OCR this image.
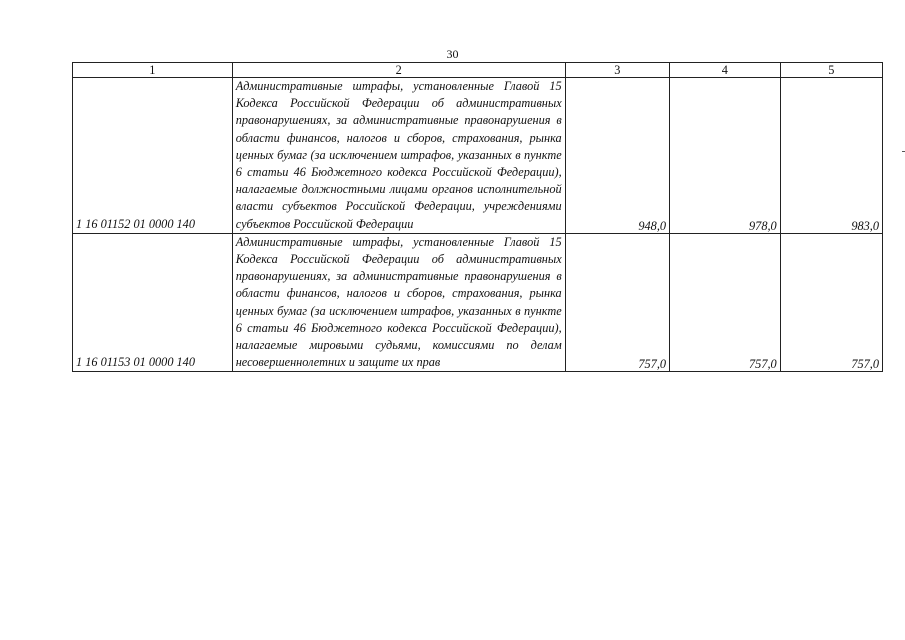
30
1	2	3	4	5
1 16 01152 01 0000 140	Административные штрафы, установленные Главой 15 Кодекса Российской Федерации об административных правонарушениях, за административные правонарушения в области финансов, налогов и сборов, страхования, рынка ценных бумаг (за исключением штрафов, указанных в пункте 6 статьи 46 Бюджетного кодекса Российской Федерации), налагаемые должностными лицами органов исполнительной власти субъектов Российской Федерации, учреждениями субъектов Российской Федерации	948,0	978,0	983,0
1 16 01153 01 0000 140	Административные штрафы, установленные Главой 15 Кодекса Российской Федерации об административных правонарушениях, за административные правонарушения в области финансов, налогов и сборов, страхования, рынка ценных бумаг (за исключением штрафов, указанных в пункте 6 статьи 46 Бюджетного кодекса Российской Федерации), налагаемые мировыми судьями, комиссиями по делам несовершеннолетних и защите их прав	757,0	757,0	757,0
